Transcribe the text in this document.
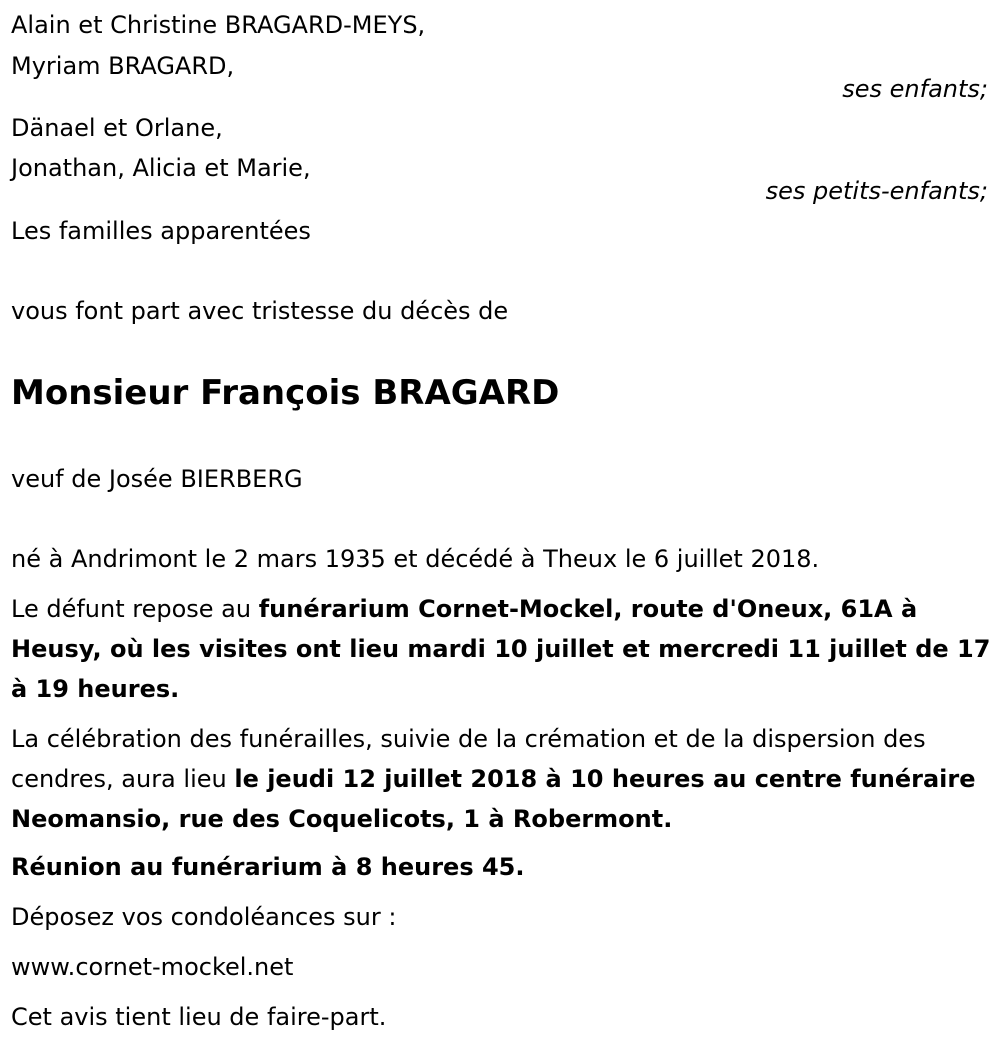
Alain et Christine BRAGARD-MEYS,
Myriam BRAGARD,
ses enfants;
Dänael et Orlane,
Jonathan, Alicia et Marie,
ses petits-enfants;
Les familles apparentées
vous font part avec tristesse du décès de
Monsieur François BRAGARD
veuf de Josée BIERBERG
né à Andrimont le 2 mars 1935 et décédé à Theux le 6 juillet 2018.
Le défunt repose au funérarium Cornet-Mockel, route d'Oneux, 61A à Heusy, où les visites ont lieu mardi 10 juillet et mercredi 11 juillet de 17 à 19 heures.
La célébration des funérailles, suivie de la crémation et de la dispersion des cendres, aura lieu le jeudi 12 juillet 2018 à 10 heures au centre funéraire Neomansio, rue des Coquelicots, 1 à Robermont.
Réunion au funérarium à 8 heures 45.
Déposez vos condoléances sur :
www.cornet-mockel.net
Cet avis tient lieu de faire-part.
